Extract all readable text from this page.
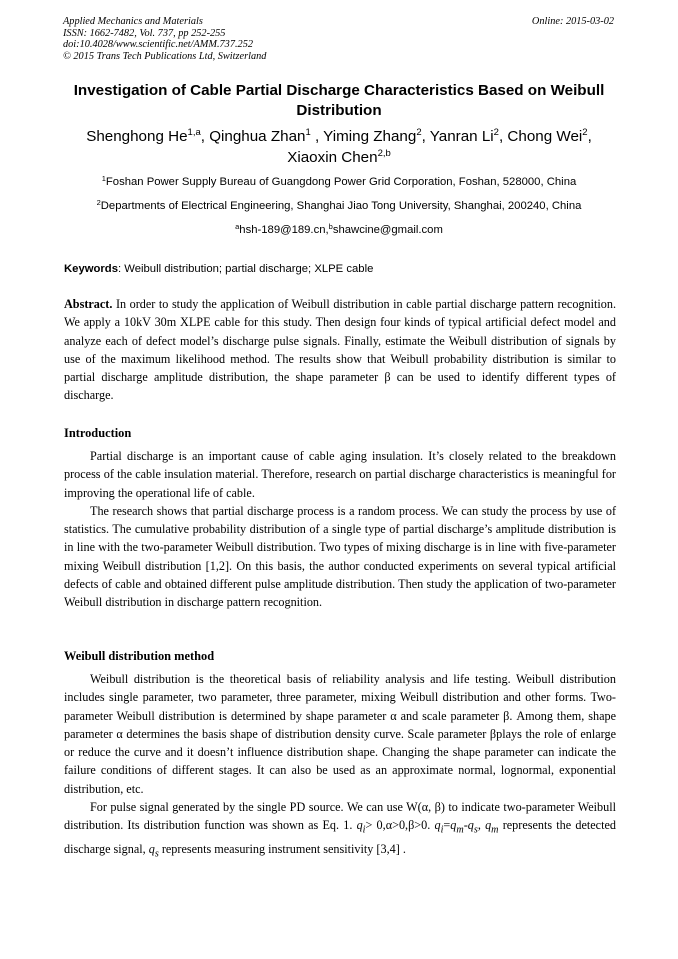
Applied Mechanics and Materials
ISSN: 1662-7482, Vol. 737, pp 252-255
doi:10.4028/www.scientific.net/AMM.737.252
© 2015 Trans Tech Publications Ltd, Switzerland
Online: 2015-03-02
Investigation of Cable Partial Discharge Characteristics Based on Weibull Distribution
Shenghong He$^{1,a}$, Qinghua Zhan$^1$ , Yiming Zhang$^2$, Yanran Li$^2$, Chong Wei$^2$,
Xiaoxin Chen$^{2,b}$
$^1$Foshan Power Supply Bureau of Guangdong Power Grid Corporation, Foshan, 528000, China
$^2$Departments of Electrical Engineering, Shanghai Jiao Tong University, Shanghai, 200240, China
$^a$hsh-189@189.cn,$^b$shawcine@gmail.com
Keywords: Weibull distribution; partial discharge; XLPE cable

Abstract. In order to study the application of Weibull distribution in cable partial discharge pattern recognition. We apply a 10kV 30m XLPE cable for this study. Then design four kinds of typical artificial defect model and analyze each of defect model’s discharge pulse signals. Finally, estimate the Weibull distribution of signals by use of the maximum likelihood method. The results show that Weibull probability distribution is similar to partial discharge amplitude distribution, the shape parameter β can be used to identify different types of discharge.

Introduction

Partial discharge is an important cause of cable aging insulation. It’s closely related to the breakdown process of the cable insulation material. Therefore, research on partial discharge characteristics is meaningful for improving the operational life of cable.

The research shows that partial discharge process is a random process. We can study the process by use of statistics. The cumulative probability distribution of a single type of partial discharge’s amplitude distribution is in line with the two-parameter Weibull distribution. Two types of mixing discharge is in line with five-parameter mixing Weibull distribution [1,2]. On this basis, the author conducted experiments on several typical artificial defects of cable and obtained different pulse amplitude distribution. Then study the application of two-parameter Weibull distribution in discharge pattern recognition.

Weibull distribution method

Weibull distribution is the theoretical basis of reliability analysis and life testing. Weibull distribution includes single parameter, two parameter, three parameter, mixing Weibull distribution and other forms. Two-parameter Weibull distribution is determined by shape parameter α and scale parameter β. Among them, shape parameter α determines the basis shape of distribution density curve. Scale parameter βplays the role of enlarge or reduce the curve and it doesn’t influence distribution shape. Changing the shape parameter can indicate the failure conditions of different stages. It can also be used as an approximate normal, lognormal, exponential distribution, etc.

For pulse signal generated by the single PD source. We can use W(α, β) to indicate two-parameter Weibull distribution. Its distribution function was shown as Eq. 1. $q_i> 0,\alpha>0,\beta>0$. $q_i=q_m-q_s$, $q_m$ represents the detected discharge signal, $q_s$ represents measuring instrument sensitivity [3,4] .
